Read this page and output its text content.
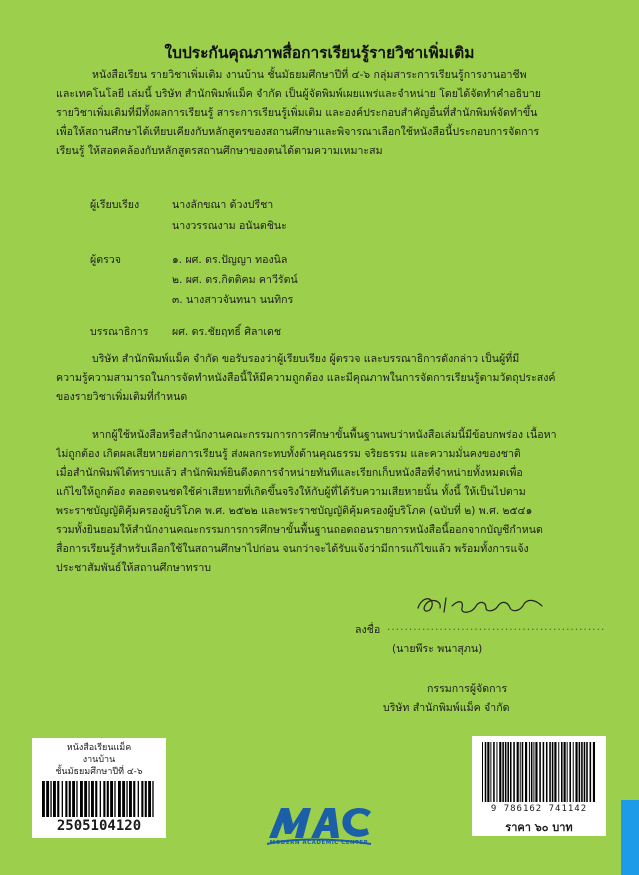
ใบประกันคุณภาพสื่อการเรียนรู้รายวิชาเพิ่มเติม
หนังสือเรียน รายวิชาเพิ่มเติม งานบ้าน ชั้นมัธยมศึกษาปีที่ ๔-๖ กลุ่มสาระการเรียนรู้การงานอาชีพ
และเทคโนโลยี เล่มนี้ บริษัท สำนักพิมพ์แม็ค จำกัด เป็นผู้จัดพิมพ์เผยแพร่และจำหน่าย โดยได้จัดทำคำอธิบาย
รายวิชาเพิ่มเติมที่มีทั้งผลการเรียนรู้ สาระการเรียนรู้เพิ่มเติม และองค์ประกอบสำคัญอื่นที่สำนักพิมพ์จัดทำขึ้น
เพื่อให้สถานศึกษาได้เทียบเคียงกับหลักสูตรของสถานศึกษาและพิจารณาเลือกใช้หนังสือนี้ประกอบการจัดการ
เรียนรู้ ให้สอดคล้องกับหลักสูตรสถานศึกษาของตนได้ตามความเหมาะสม
ผู้เรียบเรียง	นางลักขณา ด้วงปรีชา
นางวรรณงาม อนันตชินะ
ผู้ตรวจ	๑. ผศ. ดร.ปัญญา ทองนิล
๒. ผศ. ดร.กิตติคม คาวีรัตน์
๓. นางสาวจันทนา นนทิกร
บรรณาธิการ ผศ. ดร.ชัยฤทธิ์ ศิลาเดช
บริษัท สำนักพิมพ์แม็ค จำกัด ขอรับรองว่าผู้เรียบเรียง ผู้ตรวจ และบรรณาธิการดังกล่าว เป็นผู้ที่มี
ความรู้ความสามารถในการจัดทำหนังสือนี้ให้มีความถูกต้อง และมีคุณภาพในการจัดการเรียนรู้ตามวัตถุประสงค์
ของรายวิชาเพิ่มเติมที่กำหนด
หากผู้ใช้หนังสือหรือสำนักงานคณะกรรมการการศึกษาขั้นพื้นฐานพบว่าหนังสือเล่มนี้มีข้อบกพร่อง เนื้อหา
ไม่ถูกต้อง เกิดผลเสียหายต่อการเรียนรู้ ส่งผลกระทบทั้งด้านคุณธรรม จริยธรรม และความมั่นคงของชาติ
เมื่อสำนักพิมพ์ได้ทราบแล้ว สำนักพิมพ์ยินดีงดการจำหน่ายทันทีและเรียกเก็บหนังสือที่จำหน่ายทั้งหมดเพื่อ
แก้ไขให้ถูกต้อง ตลอดจนชดใช้ค่าเสียหายที่เกิดขึ้นจริงให้กับผู้ที่ได้รับความเสียหายนั้น ทั้งนี้ ให้เป็นไปตาม
พระราชบัญญัติคุ้มครองผู้บริโภค พ.ศ. ๒๕๒๒ และพระราชบัญญัติคุ้มครองผู้บริโภค (ฉบับที่ ๒) พ.ศ. ๒๕๔๑
รวมทั้งยินยอมให้สำนักงานคณะกรรมการการศึกษาขั้นพื้นฐานถอดถอนรายการหนังสือนี้ออกจากบัญชีกำหนด
สื่อการเรียนรู้สำหรับเลือกใช้ในสถานศึกษาไปก่อน จนกว่าจะได้รับแจ้งว่ามีการแก้ไขแล้ว พร้อมทั้งการแจ้ง
ประชาสัมพันธ์ให้สถานศึกษาทราบ
ลงชื่อ ..................................................
(นายพีระ พนาสุภน)
กรรมการผู้จัดการ
บริษัท สำนักพิมพ์แม็ค จำกัด
หนังสือเรียนแม็ค
งานบ้าน
ชั้นมัธยมศึกษาปีที่ ๔-๖
2505104120
MODERN ACADEMIC CENTER
9 786162 741142
ราคา ๖๐ บาท
